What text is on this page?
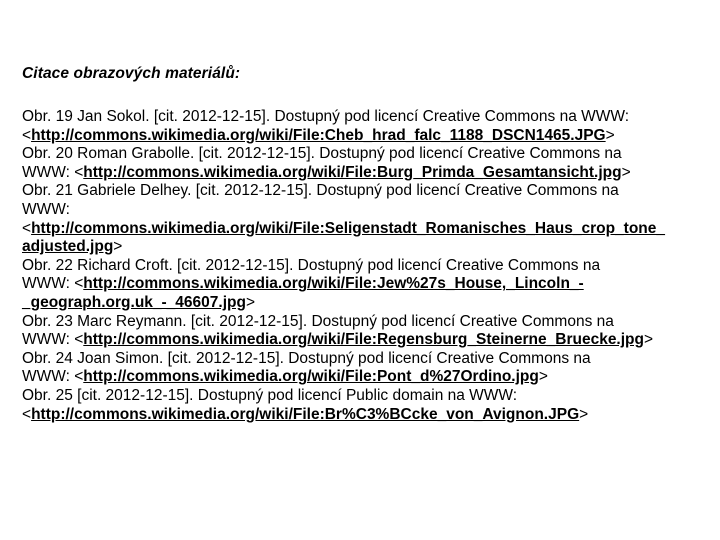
Citace obrazových materiálů:
Obr. 19 Jan Sokol. [cit. 2012-12-15]. Dostupný pod licencí Creative Commons na WWW:
<http://commons.wikimedia.org/wiki/File:Cheb_hrad_falc_1188_DSCN1465.JPG>
Obr. 20 Roman Grabolle. [cit. 2012-12-15]. Dostupný pod licencí Creative Commons na
WWW: <http://commons.wikimedia.org/wiki/File:Burg_Primda_Gesamtansicht.jpg>
Obr. 21 Gabriele Delhey. [cit. 2012-12-15]. Dostupný pod licencí Creative Commons na
WWW:
<http://commons.wikimedia.org/wiki/File:Seligenstadt_Romanisches_Haus_crop_tone_
adjusted.jpg>
Obr. 22 Richard Croft. [cit. 2012-12-15]. Dostupný pod licencí Creative Commons na
WWW: <http://commons.wikimedia.org/wiki/File:Jew%27s_House,_Lincoln_-
_geograph.org.uk_-_46607.jpg>
Obr. 23 Marc Reymann. [cit. 2012-12-15]. Dostupný pod licencí Creative Commons na
WWW: <http://commons.wikimedia.org/wiki/File:Regensburg_Steinerne_Bruecke.jpg>
Obr. 24 Joan Simon. [cit. 2012-12-15]. Dostupný pod licencí Creative Commons na
WWW: <http://commons.wikimedia.org/wiki/File:Pont_d%27Ordino.jpg>
Obr. 25 [cit. 2012-12-15]. Dostupný pod licencí Public domain na WWW:
<http://commons.wikimedia.org/wiki/File:Br%C3%BCcke_von_Avignon.JPG>
